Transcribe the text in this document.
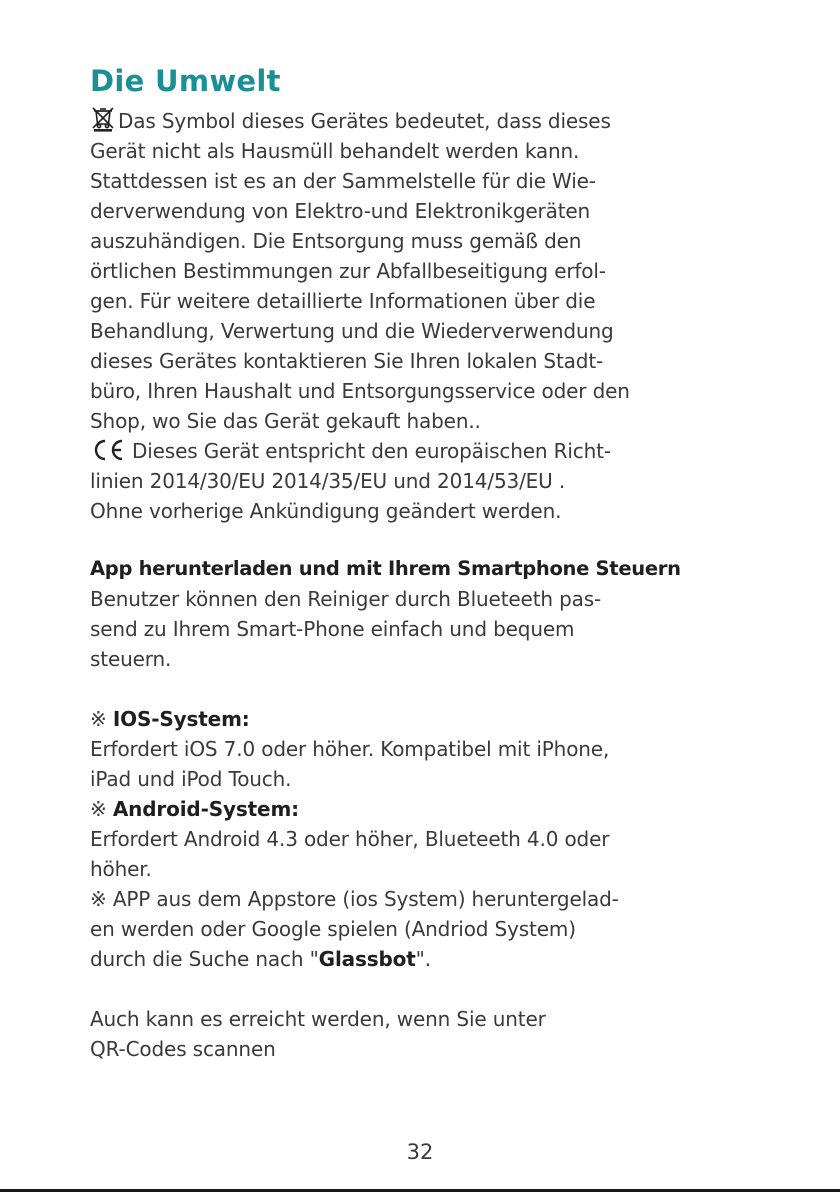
Die Umwelt
Das Symbol dieses Gerätes bedeutet, dass dieses
Gerät nicht als Hausmüll behandelt werden kann.
Stattdessen ist es an der Sammelstelle für die Wie-
derverwendung von Elektro-und Elektronikgeräten
auszuhändigen. Die Entsorgung muss gemäß den
örtlichen Bestimmungen zur Abfallbeseitigung erfol-
gen. Für weitere detaillierte Informationen über die
Behandlung, Verwertung und die Wiederverwendung
dieses Gerätes kontaktieren Sie Ihren lokalen Stadt-
büro, Ihren Haushalt und Entsorgungsservice oder den
Shop, wo Sie das Gerät gekauft haben..
Dieses Gerät entspricht den europäischen Richt-
linien 2014/30/EU 2014/35/EU und 2014/53/EU .
Ohne vorherige Ankündigung geändert werden.
App herunterladen und mit Ihrem Smartphone Steuern
Benutzer können den Reiniger durch Blueteeth pas-
send zu Ihrem Smart-Phone einfach und bequem
steuern.
※ IOS-System:
Erfordert iOS 7.0 oder höher. Kompatibel mit iPhone,
iPad und iPod Touch.
※ Android-System:
Erfordert Android 4.3 oder höher, Blueteeth 4.0 oder
höher.
※ APP aus dem Appstore (ios System) heruntergelad-
en werden oder Google spielen (Andriod System)
durch die Suche nach "Glassbot".
Auch kann es erreicht werden, wenn Sie unter
QR-Codes scannen
32
